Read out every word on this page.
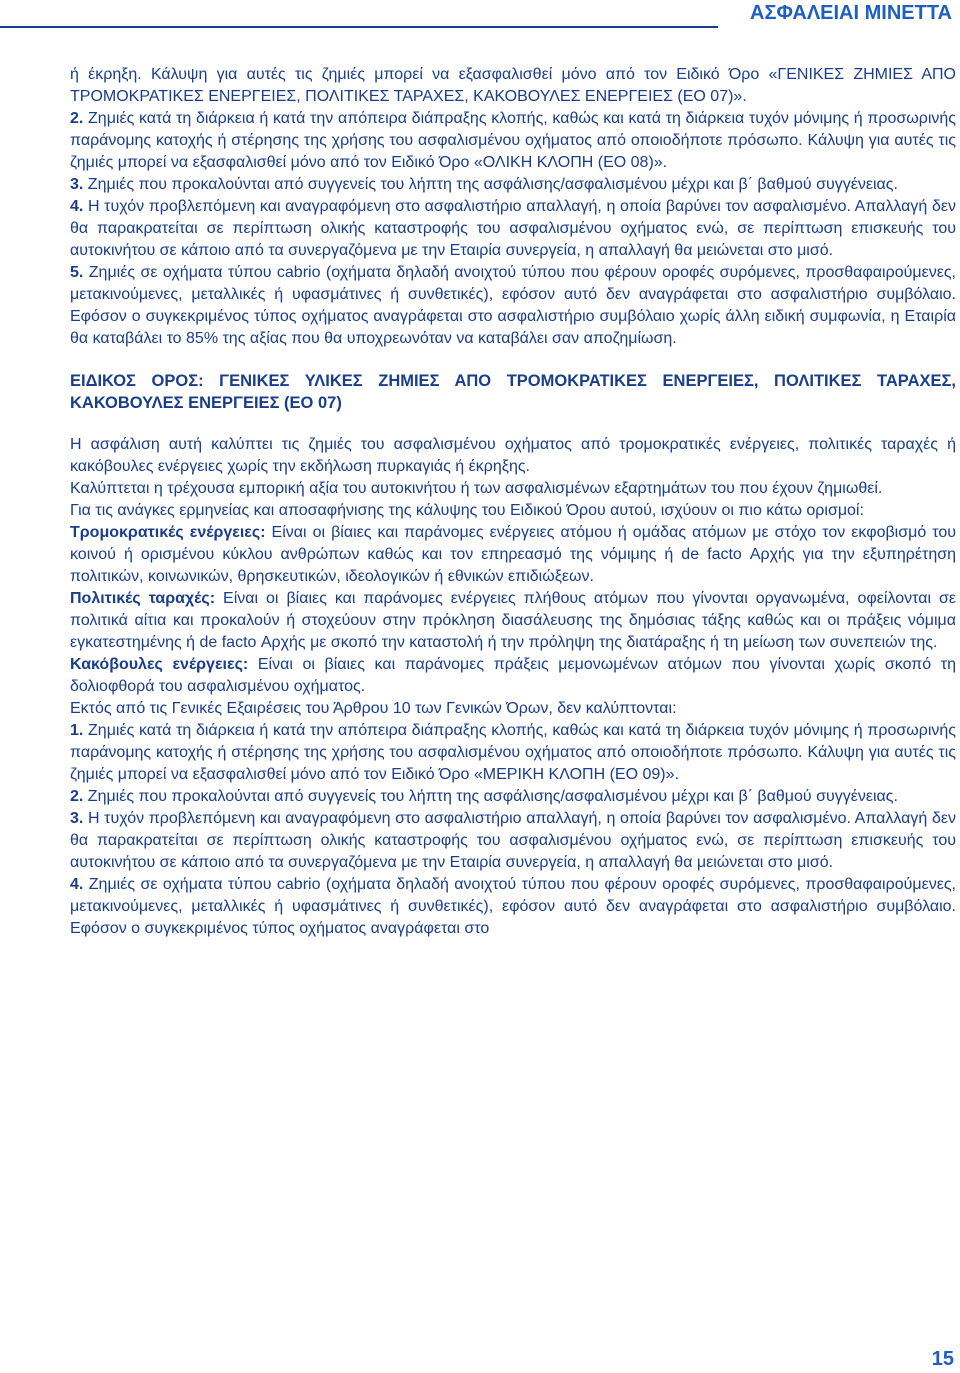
ΑΣΦΑΛΕΙΑΙ ΜΙΝΕΤΤΑ

ή έκρηξη. Κάλυψη για αυτές τις ζημιές μπορεί να εξασφαλισθεί μόνο από τον Ειδικό Όρο «ΓΕΝΙΚΕΣ ΖΗΜΙΕΣ ΑΠΟ ΤΡΟΜΟΚΡΑΤΙΚΕΣ ΕΝΕΡΓΕΙΕΣ, ΠΟΛΙΤΙΚΕΣ ΤΑΡΑΧΕΣ, ΚΑΚΟΒΟΥΛΕΣ ΕΝΕΡΓΕΙΕΣ (ΕΟ 07)».

2. Ζημιές κατά τη διάρκεια ή κατά την απόπειρα διάπραξης κλοπής, καθώς και κατά τη διάρκεια τυχόν μόνιμης ή προσωρινής παράνομης κατοχής ή στέρησης της χρήσης του ασφαλισμένου οχήματος από οποιοδήποτε πρόσωπο. Κάλυψη για αυτές τις ζημιές μπορεί να εξασφαλισθεί μόνο από τον Ειδικό Όρο «ΟΛΙΚΗ ΚΛΟΠΗ (ΕΟ 08)».

3. Ζημιές που προκαλούνται από συγγενείς του λήπτη της ασφάλισης/ασφαλισμένου μέχρι και β΄ βαθμού συγγένειας.

4. Η τυχόν προβλεπόμενη και αναγραφόμενη στο ασφαλιστήριο απαλλαγή, η οποία βαρύνει τον ασφαλισμένο. Απαλλαγή δεν θα παρακρατείται σε περίπτωση ολικής καταστροφής του ασφαλισμένου οχήματος ενώ, σε περίπτωση επισκευής του αυτοκινήτου σε κάποιο από τα συνεργαζόμενα με την Εταιρία συνεργεία, η απαλλαγή θα μειώνεται στο μισό.

5. Ζημιές σε οχήματα τύπου cabrio (οχήματα δηλαδή ανοιχτού τύπου που φέρουν οροφές συρόμενες, προσθαφαιρούμενες, μετακινούμενες, μεταλλικές ή υφασμάτινες ή συνθετικές), εφόσον αυτό δεν αναγράφεται στο ασφαλιστήριο συμβόλαιο. Εφόσον ο συγκεκριμένος τύπος οχήματος αναγράφεται στο ασφαλιστήριο συμβόλαιο χωρίς άλλη ειδική συμφωνία, η Εταιρία θα καταβάλει το 85% της αξίας που θα υποχρεωνόταν να καταβάλει σαν αποζημίωση.

ΕΙΔΙΚΟΣ ΟΡΟΣ: ΓΕΝΙΚΕΣ ΥΛΙΚΕΣ ΖΗΜΙΕΣ ΑΠΟ ΤΡΟΜΟΚΡΑΤΙΚΕΣ ΕΝΕΡΓΕΙΕΣ, ΠΟΛΙΤΙΚΕΣ ΤΑΡΑΧΕΣ, ΚΑΚΟΒΟΥΛΕΣ ΕΝΕΡΓΕΙΕΣ (ΕΟ 07)

Η ασφάλιση αυτή καλύπτει τις ζημιές του ασφαλισμένου οχήματος από τρομοκρατικές ενέργειες, πολιτικές ταραχές ή κακόβουλες ενέργειες χωρίς την εκδήλωση πυρκαγιάς ή έκρηξης.

Καλύπτεται η τρέχουσα εμπορική αξία του αυτοκινήτου ή των ασφαλισμένων εξαρτημάτων του που έχουν ζημιωθεί.

Για τις ανάγκες ερμηνείας και αποσαφήνισης της κάλυψης του Ειδικού Όρου αυτού, ισχύουν οι πιο κάτω ορισμοί:

Τρομοκρατικές ενέργειες: Είναι οι βίαιες και παράνομες ενέργειες ατόμου ή ομάδας ατόμων με στόχο τον εκφοβισμό του κοινού ή ορισμένου κύκλου ανθρώπων καθώς και τον επηρεασμό της νόμιμης ή de facto Αρχής για την εξυπηρέτηση πολιτικών, κοινωνικών, θρησκευτικών, ιδεολογικών ή εθνικών επιδιώξεων.

Πολιτικές ταραχές: Είναι οι βίαιες και παράνομες ενέργειες πλήθους ατόμων που γίνονται οργανωμένα, οφείλονται σε πολιτικά αίτια και προκαλούν ή στοχεύουν στην πρόκληση διασάλευσης της δημόσιας τάξης καθώς και οι πράξεις νόμιμα εγκατεστημένης ή de facto Αρχής με σκοπό την καταστολή ή την πρόληψη της διατάραξης ή τη μείωση των συνεπειών της.

Κακόβουλες ενέργειες: Είναι οι βίαιες και παράνομες πράξεις μεμονωμένων ατόμων που γίνονται χωρίς σκοπό τη δολιοφθορά του ασφαλισμένου οχήματος.

Εκτός από τις Γενικές Εξαιρέσεις του Άρθρου 10 των Γενικών Όρων, δεν καλύπτονται:

1. Ζημιές κατά τη διάρκεια ή κατά την απόπειρα διάπραξης κλοπής, καθώς και κατά τη διάρκεια τυχόν μόνιμης ή προσωρινής παράνομης κατοχής ή στέρησης της χρήσης του ασφαλισμένου οχήματος από οποιοδήποτε πρόσωπο. Κάλυψη για αυτές τις ζημιές μπορεί να εξασφαλισθεί μόνο από τον Ειδικό Όρο «ΜΕΡΙΚΗ ΚΛΟΠΗ (ΕΟ 09)».

2. Ζημιές που προκαλούνται από συγγενείς του λήπτη της ασφάλισης/ασφαλισμένου μέχρι και β΄ βαθμού συγγένειας.

3. Η τυχόν προβλεπόμενη και αναγραφόμενη στο ασφαλιστήριο απαλλαγή, η οποία βαρύνει τον ασφαλισμένο. Απαλλαγή δεν θα παρακρατείται σε περίπτωση ολικής καταστροφής του ασφαλισμένου οχήματος ενώ, σε περίπτωση επισκευής του αυτοκινήτου σε κάποιο από τα συνεργαζόμενα με την Εταιρία συνεργεία, η απαλλαγή θα μειώνεται στο μισό.

4. Ζημιές σε οχήματα τύπου cabrio (οχήματα δηλαδή ανοιχτού τύπου που φέρουν οροφές συρόμενες, προσθαφαιρούμενες, μετακινούμενες, μεταλλικές ή υφασμάτινες ή συνθετικές), εφόσον αυτό δεν αναγράφεται στο ασφαλιστήριο συμβόλαιο. Εφόσον ο συγκεκριμένος τύπος οχήματος αναγράφεται στο

15
